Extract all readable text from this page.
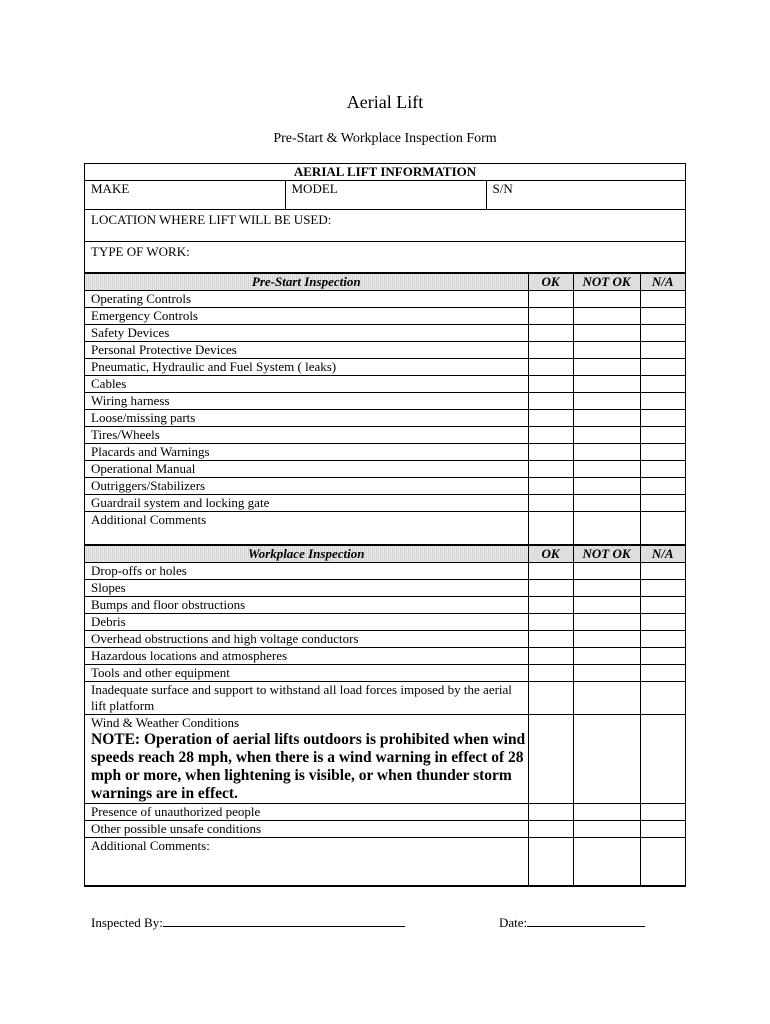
Aerial Lift
Pre-Start & Workplace Inspection Form
AERIAL LIFT INFORMATION
MAKE	MODEL	S/N
LOCATION WHERE LIFT WILL BE USED:
TYPE OF WORK:
Pre-Start Inspection	OK	NOT OK	N/A

Operating Controls			

Emergency Controls			

Safety Devices			

Personal Protective Devices			

Pneumatic, Hydraulic and Fuel System ( leaks)			

Cables			

Wiring harness			

Loose/missing parts			

Tires/Wheels			

Placards and Warnings			

Operational Manual			

Outriggers/Stabilizers			

Guardrail system and locking gate			

Additional Comments			

Workplace Inspection	OK	NOT OK	N/A

Drop-offs or holes			

Slopes			

Bumps and floor obstructions			

Debris			

Overhead obstructions and high voltage conductors			

Hazardous locations and atmospheres			

Tools and other equipment			

Inadequate surface and support to withstand all load forces imposed by the aerial lift platform			

Wind & Weather Conditions
NOTE: Operation of aerial lifts outdoors is prohibited when wind speeds reach 28 mph, when there is a wind warning in effect of 28 mph or more, when lightening is visible, or when thunder storm warnings are in effect.			

Presence of unauthorized people			

Other possible unsafe conditions			

Additional Comments:			

Inspected By:	Date:
